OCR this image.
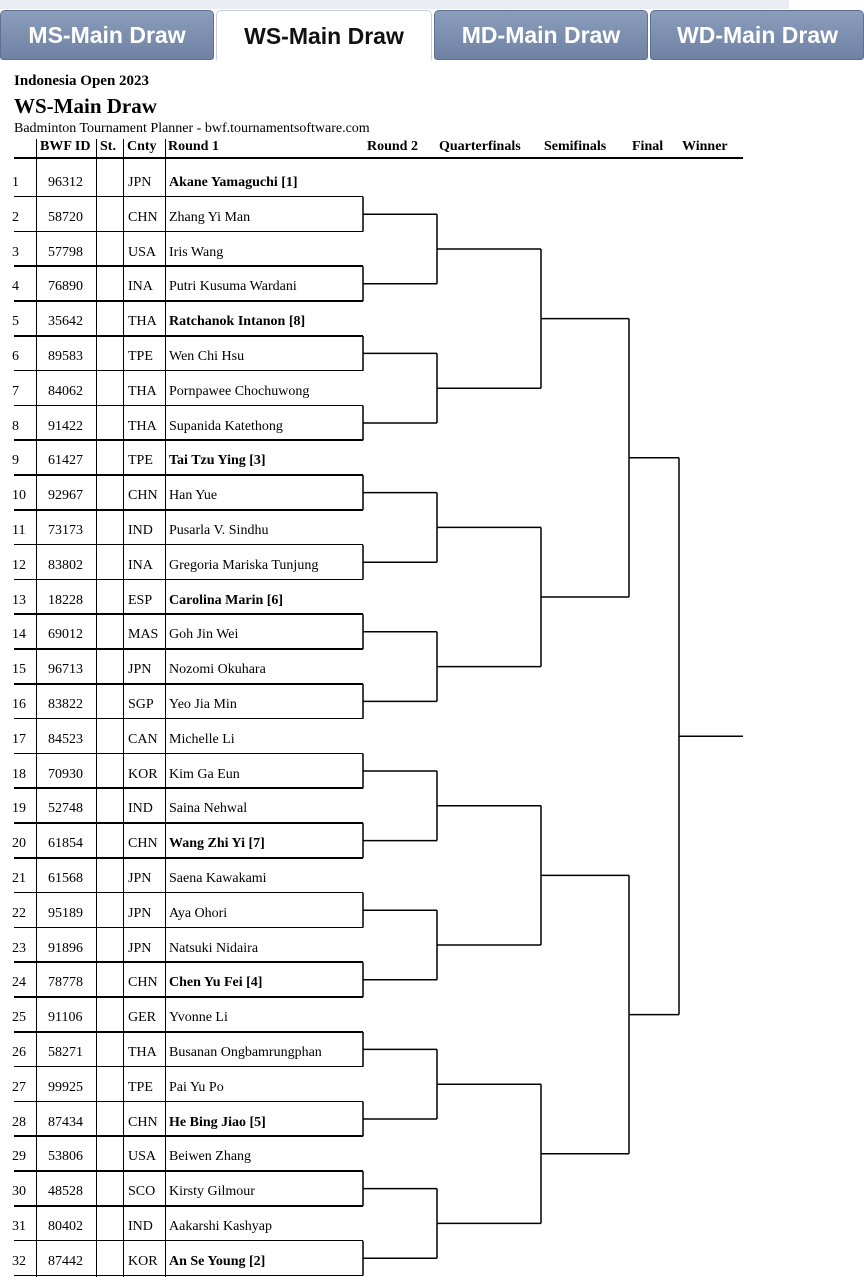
MS-Main Draw	WS-Main Draw	MD-Main Draw WD-Main Draw
Indonesia Open 2023
WS-Main Draw
Badminton Tournament Planner - bwf.tournamentsoftware.com
BWF ID St. Cnty Round 1	Round 2 Quarterfinals Semifinals Final Winner
1 96312	JPN Akane Yamaguchi [1]
2 58720	CHN Zhang Yi Man
3 57798	USA Iris Wang
4 76890	INA Putri Kusuma Wardani
5 35642	THA Ratchanok Intanon [8]
6 89583	TPE Wen Chi Hsu
7 84062	THA Pornpawee Chochuwong
8 91422	THA Supanida Katethong
9 61427	TPE Tai Tzu Ying [3]
10 92967	CHN Han Yue
11 73173	IND Pusarla V. Sindhu
12 83802	INA Gregoria Mariska Tunjung
13 18228	ESP Carolina Marin [6]
14 69012	MAS Goh Jin Wei
15 96713	JPN Nozomi Okuhara
16 83822	SGP Yeo Jia Min
17 84523	CAN Michelle Li
18 70930	KOR Kim Ga Eun
19 52748	IND Saina Nehwal
20 61854	CHN Wang Zhi Yi [7]
21 61568	JPN Saena Kawakami
22 95189	JPN Aya Ohori
23 91896	JPN Natsuki Nidaira
24 78778	CHN Chen Yu Fei [4]
25 91106	GER Yvonne Li
26 58271	THA Busanan Ongbamrungphan
27 99925	TPE Pai Yu Po
28 87434	CHN He Bing Jiao [5]
29 53806	USA Beiwen Zhang
30 48528	SCO Kirsty Gilmour
31 80402	IND Aakarshi Kashyap
32 87442	KOR An Se Young [2]
